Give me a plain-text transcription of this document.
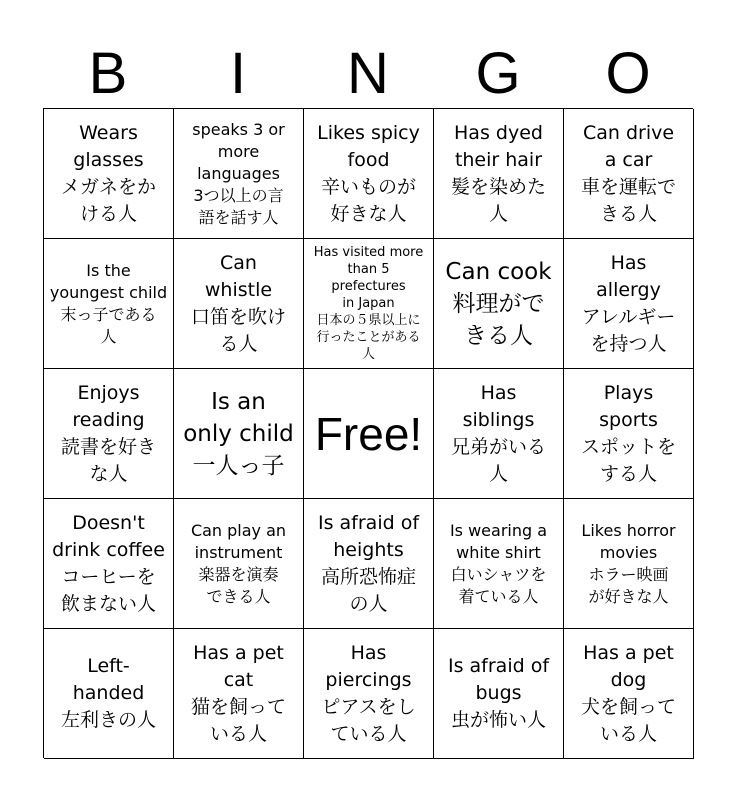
B	I	N	G	O
Wears
glasses
メガネをか
ける人
speaks 3 or
more
languages
3つ以上の言
語を話す人
Likes spicy
food
辛いものが
好きな人
Has dyed
their hair
髪を染めた
人
Can drive
a car
車を運転で
きる人
Is the
youngest child
末っ子である
人
Can
whistle
口笛を吹け
る人
Has visited more
than 5 prefectures
in Japan
日本の５県以上に
行ったことがある
人
Can cook
料理がで
きる人
Has
allergy
アレルギー
を持つ人
Enjoys
reading
読書を好き
な人
Is an
only child
一人っ子
Free!
Has
siblings
兄弟がいる
人
Plays
sports
スポットを
する人
Doesn't
drink coffee
コーヒーを
飲まない人
Can play an
instrument
楽器を演奏
できる人
Is afraid of
heights
高所恐怖症
の人
Is wearing a
white shirt
白いシャツを
着ている人
Likes horror
movies
ホラー映画
が好きな人
Left-
handed
左利きの人
Has a pet
cat
猫を飼って
いる人
Has
piercings
ピアスをし
ている人
Is afraid of
bugs
虫が怖い人
Has a pet
dog
犬を飼って
いる人
